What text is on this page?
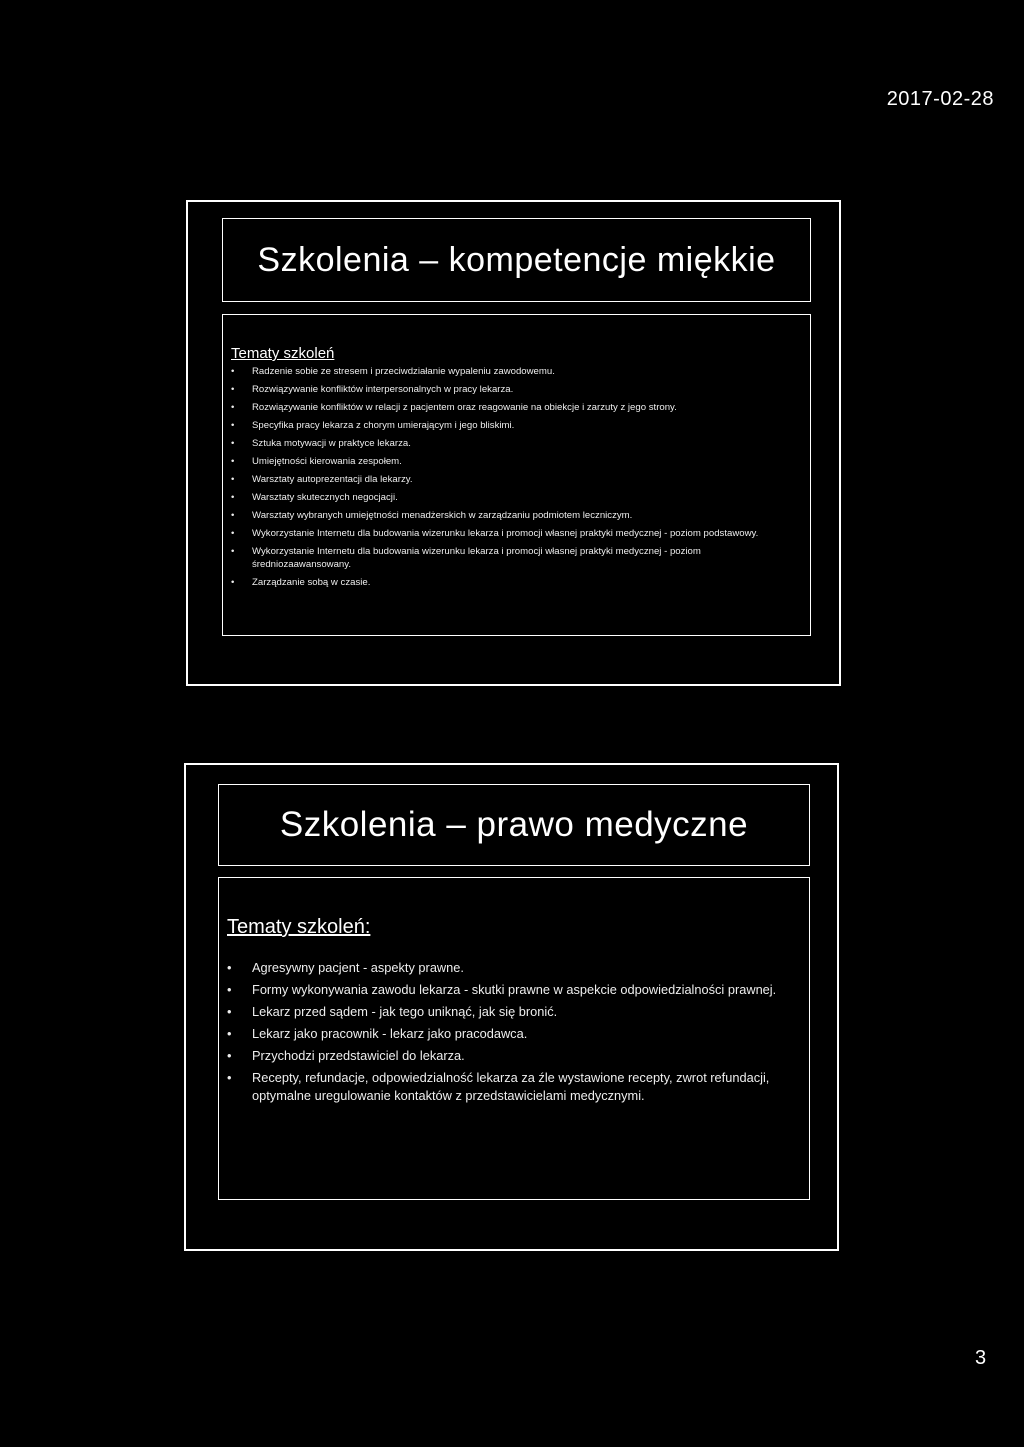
2017-02-28
Szkolenia – kompetencje miękkie

Tematy szkoleń

• Radzenie sobie ze stresem i przeciwdziałanie wypaleniu zawodowemu.
• Rozwiązywanie konfliktów interpersonalnych w pracy lekarza.
• Rozwiązywanie konfliktów w relacji z pacjentem oraz reagowanie na obiekcje i zarzuty z jego strony.
• Specyfika pracy lekarza z chorym umierającym i jego bliskimi.
• Sztuka motywacji w praktyce lekarza.
• Umiejętności kierowania zespołem.
• Warsztaty autoprezentacji dla lekarzy.
• Warsztaty skutecznych negocjacji.
• Warsztaty wybranych umiejętności menadżerskich w zarządzaniu podmiotem leczniczym.
• Wykorzystanie Internetu dla budowania wizerunku lekarza i promocji własnej praktyki medycznej - poziom podstawowy.
• Wykorzystanie Internetu dla budowania wizerunku lekarza i promocji własnej praktyki medycznej - poziom średniozaawansowany.
• Zarządzanie sobą w czasie.
Szkolenia – prawo medyczne

Tematy szkoleń:

• Agresywny pacjent - aspekty prawne.
• Formy wykonywania zawodu lekarza - skutki prawne w aspekcie odpowiedzialności prawnej.
• Lekarz przed sądem - jak tego uniknąć, jak się bronić.
• Lekarz jako pracownik - lekarz jako pracodawca.
• Przychodzi przedstawiciel do lekarza.
• Recepty, refundacje, odpowiedzialność lekarza za źle wystawione recepty, zwrot refundacji, optymalne uregulowanie kontaktów z przedstawicielami medycznymi.
3
